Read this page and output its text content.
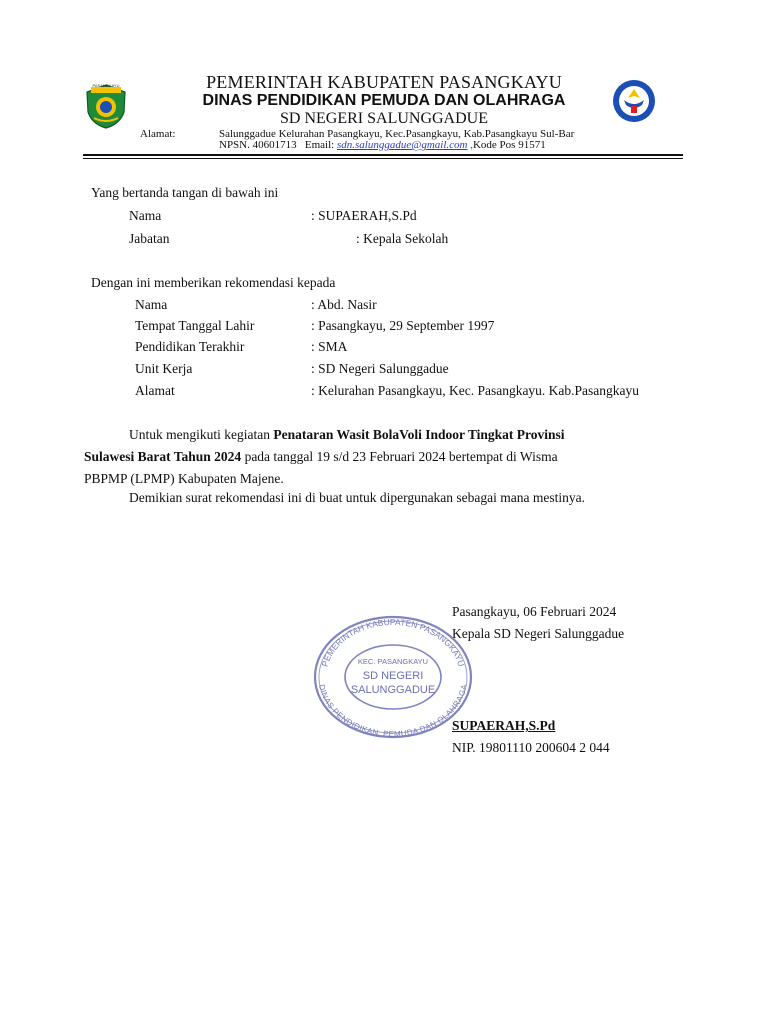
PASANGKAYU	PEMERINTAH KABUPATEN PASANGKAYU
DINAS PENDIDIKAN PEMUDA DAN OLAHRAGA
SD NEGERI SALUNGGADUE
Alamat:	Salunggadue Kelurahan Pasangkayu, Kec.Pasangkayu, Kab.Pasangkayu Sul-Bar
NPSN. 40601713 Email: sdn.salunggadue@gmail.com ,Kode Pos 91571
Yang bertanda tangan di bawah ini
Nama	: SUPAERAH,S.Pd
Jabatan	: Kepala Sekolah
Dengan ini memberikan rekomendasi kepada
Nama	: Abd. Nasir
Tempat Tanggal Lahir	: Pasangkayu, 29 September 1997
Pendidikan Terakhir	: SMA
Unit Kerja	: SD Negeri Salunggadue
Alamat	: Kelurahan Pasangkayu, Kec. Pasangkayu. Kab.Pasangkayu
Untuk mengikuti kegiatan Penataran Wasit BolaVoli Indoor Tingkat Provinsi
Sulawesi Barat Tahun 2024 pada tanggal 19 s/d 23 Februari 2024 bertempat di Wisma
PBPMP (LPMP) Kabupaten Majene.
Demikian surat rekomendasi ini di buat untuk dipergunakan sebagai mana mestinya.
Pasangkayu, 06 Februari 2024
Kepala SD Negeri Salunggadue
PEMERINTAH KABUPATEN PASANGKAYU
DINAS PENDIDIKAN, PEMUDA DAN OLAHRAGA
KEC. PASANGKAYU
SD NEGERI
SALUNGGADUE
SUPAERAH,S.Pd
NIP. 19801110 200604 2 044
